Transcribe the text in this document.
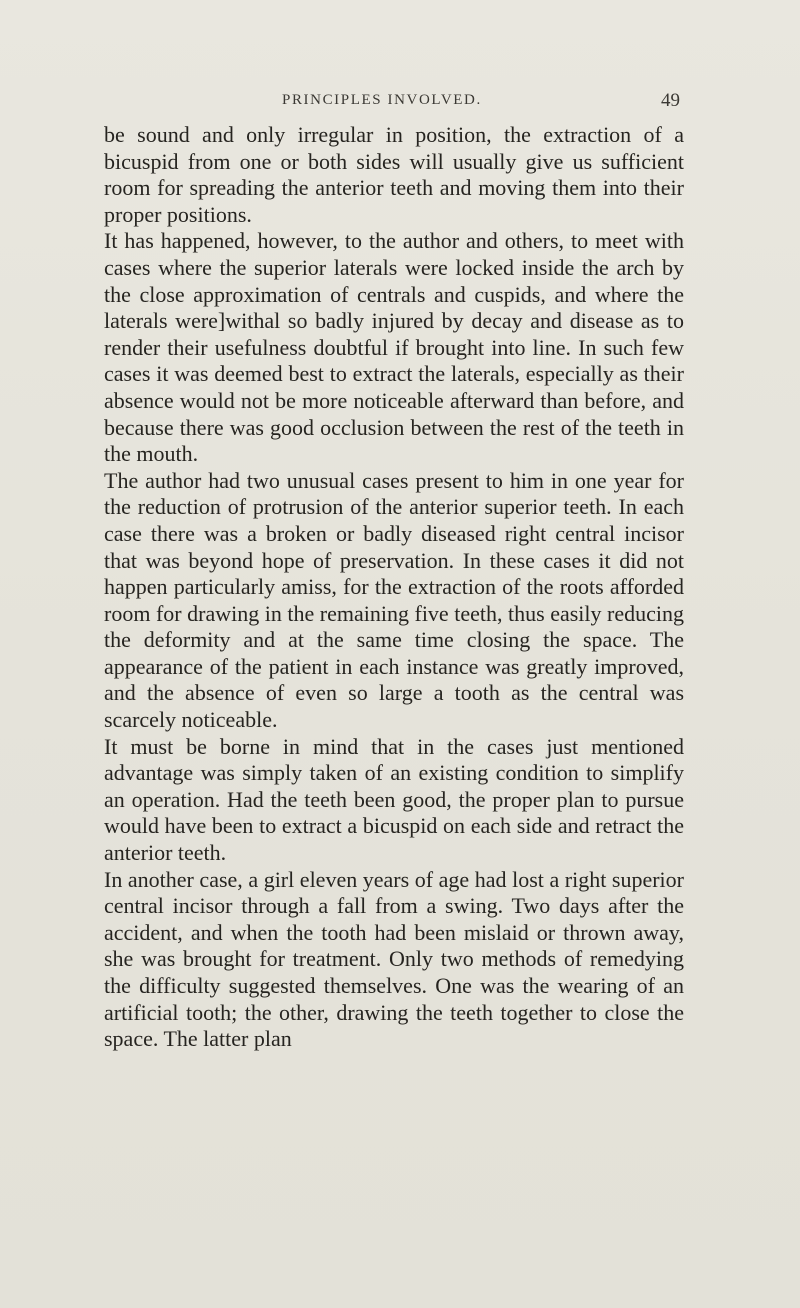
PRINCIPLES INVOLVED.	49

be sound and only irregular in position, the extraction of a bicuspid from one or both sides will usually give us sufficient room for spreading the anterior teeth and moving them into their proper positions.

It has happened, however, to the author and others, to meet with cases where the superior laterals were locked inside the arch by the close approximation of centrals and cuspids, and where the laterals were]withal so badly injured by decay and disease as to render their usefulness doubtful if brought into line. In such few cases it was deemed best to extract the laterals, especially as their absence would not be more noticeable afterward than before, and because there was good occlusion between the rest of the teeth in the mouth.

The author had two unusual cases present to him in one year for the reduction of protrusion of the anterior superior teeth. In each case there was a broken or badly diseased right central incisor that was beyond hope of preservation. In these cases it did not happen particularly amiss, for the extraction of the roots afforded room for drawing in the remaining five teeth, thus easily reducing the deformity and at the same time closing the space. The appearance of the patient in each instance was greatly improved, and the absence of even so large a tooth as the central was scarcely noticeable.

It must be borne in mind that in the cases just mentioned advantage was simply taken of an existing condition to simplify an operation. Had the teeth been good, the proper plan to pursue would have been to extract a bicuspid on each side and retract the anterior teeth.

In another case, a girl eleven years of age had lost a right superior central incisor through a fall from a swing. Two days after the accident, and when the tooth had been mislaid or thrown away, she was brought for treatment. Only two methods of remedying the difficulty suggested themselves. One was the wearing of an artificial tooth; the other, drawing the teeth together to close the space. The latter plan
